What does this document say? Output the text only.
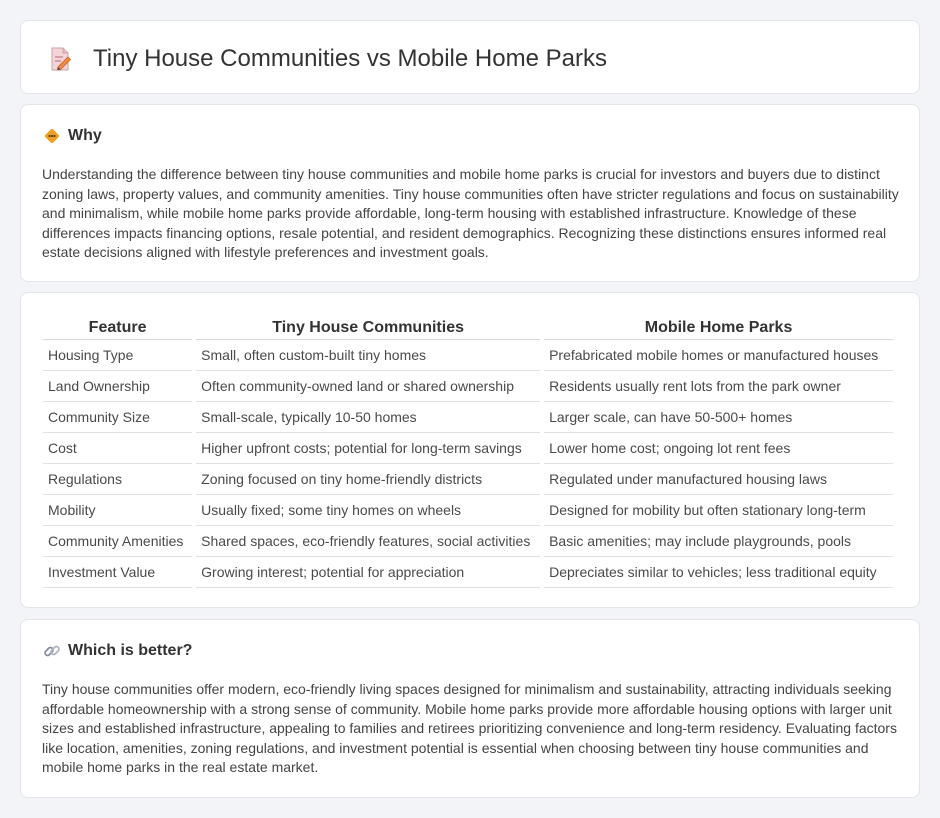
Tiny House Communities vs Mobile Home Parks
Why

Understanding the difference between tiny house communities and mobile home parks is crucial for investors and buyers due to distinct zoning laws, property values, and community amenities. Tiny house communities often have stricter regulations and focus on sustainability and minimalism, while mobile home parks provide affordable, long-term housing with established infrastructure. Knowledge of these differences impacts financing options, resale potential, and resident demographics. Recognizing these distinctions ensures informed real estate decisions aligned with lifestyle preferences and investment goals.

Feature	Tiny House Communities	Mobile Home Parks
Housing Type	Small, often custom-built tiny homes	Prefabricated mobile homes or manufactured houses
Land Ownership	Often community-owned land or shared ownership	Residents usually rent lots from the park owner
Community Size	Small-scale, typically 10-50 homes	Larger scale, can have 50-500+ homes
Cost	Higher upfront costs; potential for long-term savings	Lower home cost; ongoing lot rent fees
Regulations	Zoning focused on tiny home-friendly districts	Regulated under manufactured housing laws
Mobility	Usually fixed; some tiny homes on wheels	Designed for mobility but often stationary long-term
Community Amenities	Shared spaces, eco-friendly features, social activities	Basic amenities; may include playgrounds, pools
Investment Value	Growing interest; potential for appreciation	Depreciates similar to vehicles; less traditional equity
Which is better?

Tiny house communities offer modern, eco-friendly living spaces designed for minimalism and sustainability, attracting individuals seeking affordable homeownership with a strong sense of community. Mobile home parks provide more affordable housing options with larger unit sizes and established infrastructure, appealing to families and retirees prioritizing convenience and long-term residency. Evaluating factors like location, amenities, zoning regulations, and investment potential is essential when choosing between tiny house communities and mobile home parks in the real estate market.
